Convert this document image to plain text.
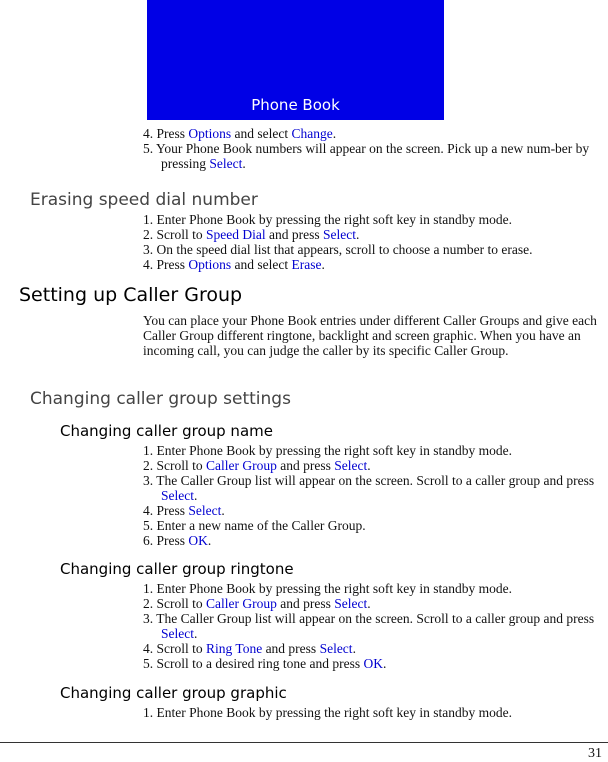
Phone Book
4. Press Options and select Change.
5. Your Phone Book numbers will appear on the screen. Pick up a new num-ber by pressing Select.
Erasing speed dial number
1. Enter Phone Book by pressing the right soft key in standby mode.
2. Scroll to Speed Dial and press Select.
3. On the speed dial list that appears, scroll to choose a number to erase.
4. Press Options and select Erase.
Setting up Caller Group

You can place your Phone Book entries under different Caller Groups and give each Caller Group different ringtone, backlight and screen graphic. When you have an incoming call, you can judge the caller by its specific Caller Group.

Changing caller group settings
Changing caller group name
1. Enter Phone Book by pressing the right soft key in standby mode.
2. Scroll to Caller Group and press Select.
3. The Caller Group list will appear on the screen. Scroll to a caller group and press Select.
4. Press Select.
5. Enter a new name of the Caller Group.
6. Press OK.
Changing caller group ringtone
1. Enter Phone Book by pressing the right soft key in standby mode.
2. Scroll to Caller Group and press Select.
3. The Caller Group list will appear on the screen. Scroll to a caller group and press Select.
4. Scroll to Ring Tone and press Select.
5. Scroll to a desired ring tone and press OK.
Changing caller group graphic
1. Enter Phone Book by pressing the right soft key in standby mode.
31
